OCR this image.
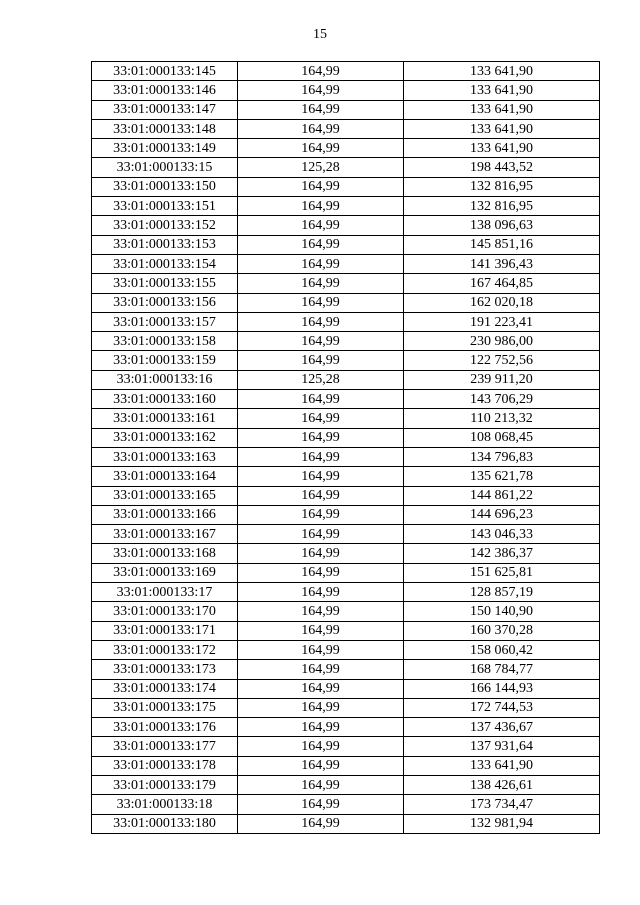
15
33:01:000133:145	164,99	133 641,90
33:01:000133:146	164,99	133 641,90
33:01:000133:147	164,99	133 641,90
33:01:000133:148	164,99	133 641,90
33:01:000133:149	164,99	133 641,90
33:01:000133:15	125,28	198 443,52
33:01:000133:150	164,99	132 816,95
33:01:000133:151	164,99	132 816,95
33:01:000133:152	164,99	138 096,63
33:01:000133:153	164,99	145 851,16
33:01:000133:154	164,99	141 396,43
33:01:000133:155	164,99	167 464,85
33:01:000133:156	164,99	162 020,18
33:01:000133:157	164,99	191 223,41
33:01:000133:158	164,99	230 986,00
33:01:000133:159	164,99	122 752,56
33:01:000133:16	125,28	239 911,20
33:01:000133:160	164,99	143 706,29
33:01:000133:161	164,99	110 213,32
33:01:000133:162	164,99	108 068,45
33:01:000133:163	164,99	134 796,83
33:01:000133:164	164,99	135 621,78
33:01:000133:165	164,99	144 861,22
33:01:000133:166	164,99	144 696,23
33:01:000133:167	164,99	143 046,33
33:01:000133:168	164,99	142 386,37
33:01:000133:169	164,99	151 625,81
33:01:000133:17	164,99	128 857,19
33:01:000133:170	164,99	150 140,90
33:01:000133:171	164,99	160 370,28
33:01:000133:172	164,99	158 060,42
33:01:000133:173	164,99	168 784,77
33:01:000133:174	164,99	166 144,93
33:01:000133:175	164,99	172 744,53
33:01:000133:176	164,99	137 436,67
33:01:000133:177	164,99	137 931,64
33:01:000133:178	164,99	133 641,90
33:01:000133:179	164,99	138 426,61
33:01:000133:18	164,99	173 734,47
33:01:000133:180	164,99	132 981,94
